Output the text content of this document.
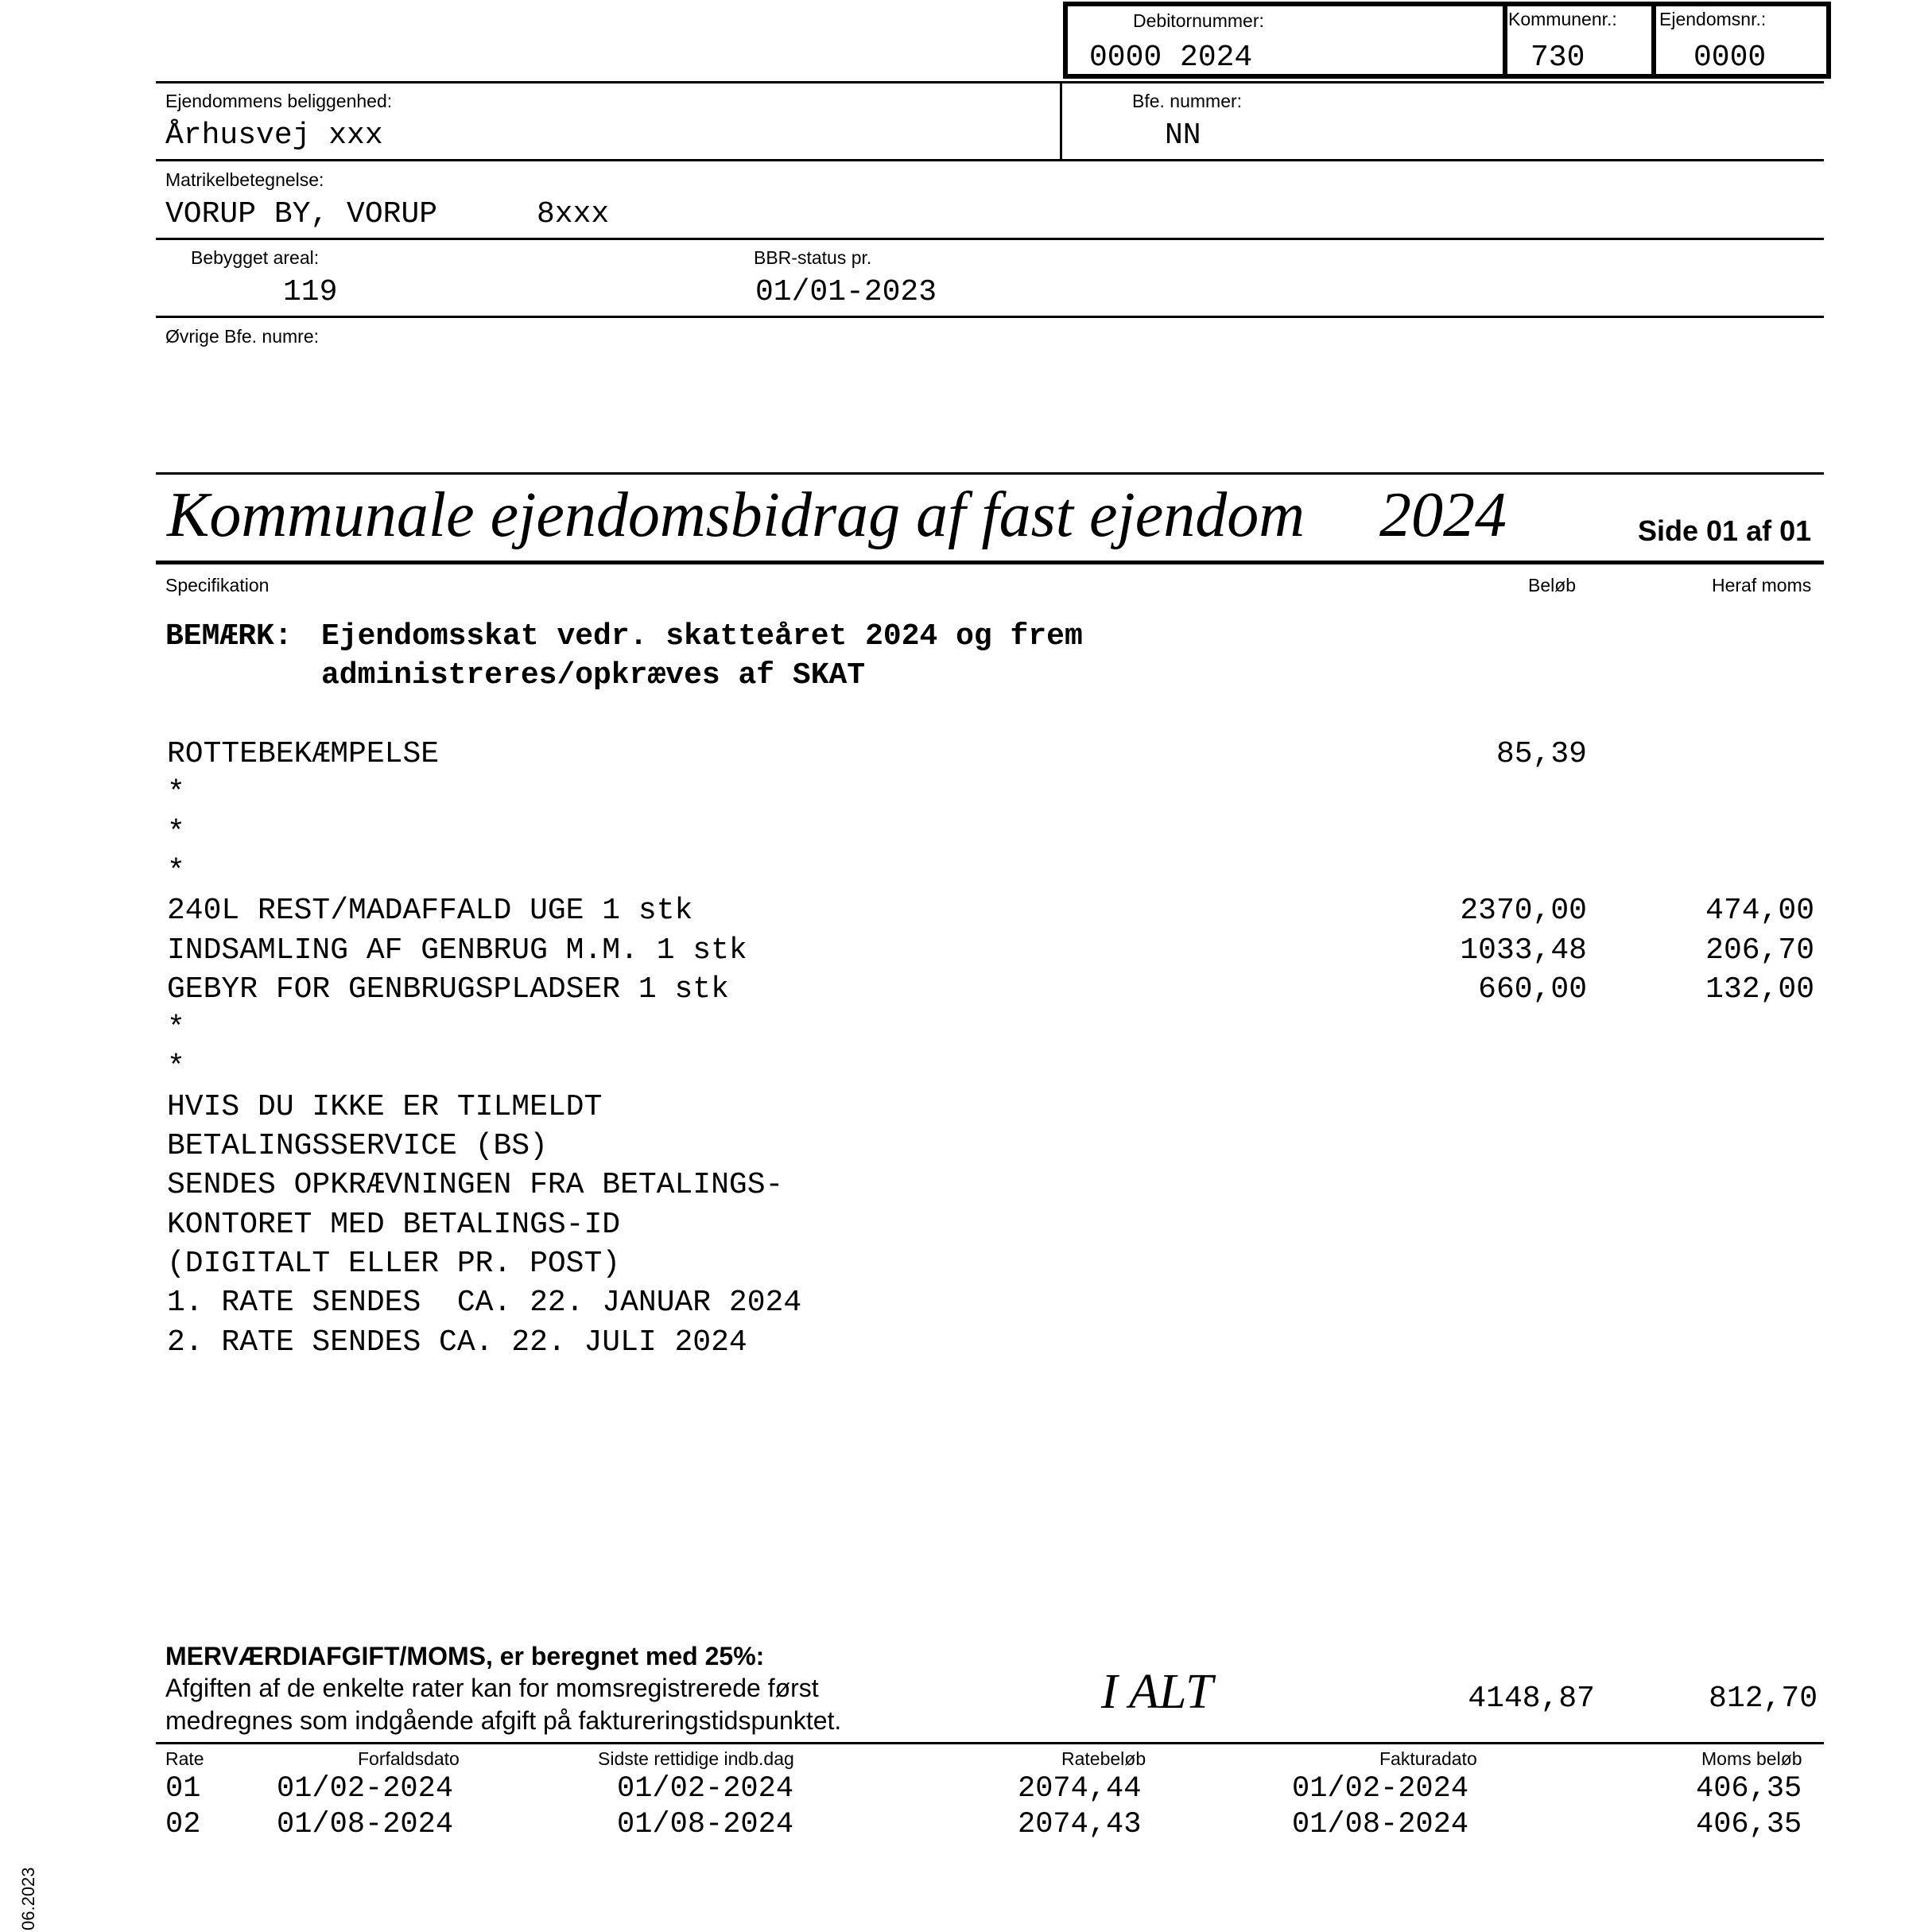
Debitornummer:
0000 2024
Kommunenr.:
730
Ejendomsnr.:
0000
Ejendommens beliggenhed:
Århusvej xxx
Bfe. nummer:
NN
Matrikelbetegnelse:
VORUP BY, VORUP	8xxx
Bebygget areal:
119
BBR-status pr.
01/01-2023
Øvrige Bfe. numre:
Kommunale ejendomsbidrag af fast ejendom 2024	Side 01 af 01
Specifikation	Beløb	Heraf moms
BEMÆRK: Ejendomsskat vedr. skatteåret 2024 og frem
administreres/opkræves af SKAT
ROTTEBEKÆMPELSE	85,39
*
*
*
240L REST/MADAFFALD UGE 1 stk	2370,00	474,00
INDSAMLING AF GENBRUG M.M. 1 stk	1033,48	206,70
GEBYR FOR GENBRUGSPLADSER 1 stk	660,00	132,00
*
*
HVIS DU IKKE ER TILMELDT
BETALINGSSERVICE (BS)
SENDES OPKRÆVNINGEN FRA BETALINGS-
KONTORET MED BETALINGS-ID
(DIGITALT ELLER PR. POST)
1. RATE SENDES  CA. 22. JANUAR 2024
2. RATE SENDES CA. 22. JULI 2024
MERVÆRDIAFGIFT/MOMS, er beregnet med 25%:
Afgiften af de enkelte rater kan for momsregistrerede først
medregnes som indgående afgift på faktureringstidspunktet.
I ALT	4148,87	812,70
Rate	Forfaldsdato	Sidste rettidige indb.dag	Ratebeløb	Fakturadato	Moms beløb
01	01/02-2024	01/02-2024	2074,44	01/02-2024	406,35
02	01/08-2024	01/08-2024	2074,43	01/08-2024	406,35
06.2023
